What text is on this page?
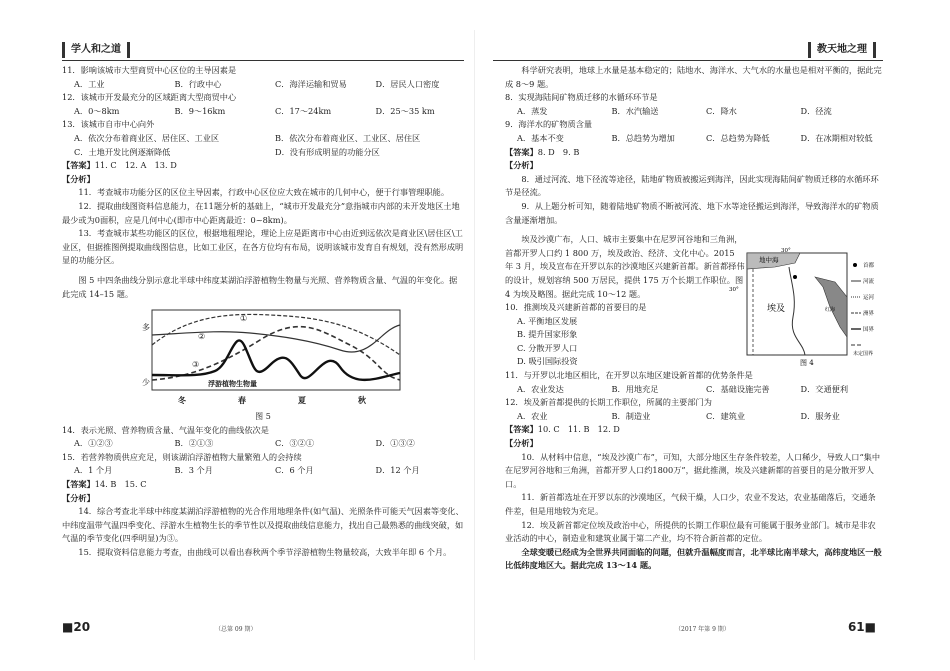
学人和之道

11．影响该城市大型商贸中心区位的主导因素是

A．工业	B．行政中心	C．海洋运输和贸易	D．居民人口密度

12．该城市开发最充分的区域距离大型商贸中心

A．0～8km	B．9～16km	C．17～24km	D．25～35 km

13．该城市自市中心向外

A．依次分布着商业区、居住区、工业区	B．依次分布着商业区、工业区、居住区
C．土地开发比例逐渐降低	D．没有形成明显的功能分区

【答案】11. C　12. A　13. D

【分析】

11．考查城市功能分区的区位主导因素，行政中心区位应大致在城市的几何中心，便于行事管理职能。

12．提取曲线图资料信息能力，在11题分析的基础上，“城市开发最充分”意指城市内部的未开发地区土地最少或为0面积，应是几何中心(即市中心距离最近：0~8km)。

13．考查城市某些功能区的区位，根据地租理论，理论上应是距离市中心由近到远依次是商业区\居住区\工业区，但据推图例提取曲线图信息，比如工业区，在各方位均有布局，说明该城市发育自有规划，没有然形成明显的功能分区。

图 5 中四条曲线分别示意北半球中纬度某湖泊浮游植物生物量与光照、营养物质含量、气温的年变化。据此完成 14–15 题。

多
少
①
②
③
浮游植物生物量
冬	春	夏	秋

图 5

14．表示光照、营养物质含量、气温年变化的曲线依次是

A．①②③	B．②①③	C．③②①	D．①③②

15．若营养物质供应充足，则该湖泊浮游植物大量繁殖人的会持续

A．1 个月	B．3 个月	C．6 个月	D．12 个月

【答案】14. B　15. C

【分析】

14．综合考查北半球中纬度某湖泊浮游植物的光合作用地理条件(如气温)、光照条件可能天气因素等变化、中纬度温带气温四季变化、浮游水生植物生长的季节性以及提取曲线信息能力，找出自己最熟悉的曲线突破，如气温的季节变化(四季明显)为③。

15．提取资料信息能力考查，由曲线可以看出春秋两个季节浮游植物生物量较高，大致半年即 6 个月。

■20	（总第 09 期）
教天地之理

科学研究表明，地球上水量是基本稳定的；陆地水、海洋水、大气水的水量也是相对平衡的，据此完成 8～9 题。

8．实现海陆间矿物质迁移的水循环环节是

A．蒸发	B．水汽输送	C．降水	D．径流

9．海洋水的矿物质含量

A．基本不变	B．总趋势为增加	C．总趋势为降低	D．在冰期相对较低

【答案】8. D　9. B

【分析】

8．通过河流、地下径流等途径，陆地矿物质被搬运到海洋，因此实现海陆间矿物质迁移的水循环环节是径流。

9．从上题分析可知，随着陆地矿物质不断被河流、地下水等途径搬运到海洋，导致海洋水的矿物质含量逐渐增加。

埃及沙漠广布，人口、城市主要集中在尼罗河谷地和三角洲，首都开罗人口约 1 800 万，埃及政治、经济、文化中心。2015 年 3 月，埃及宣布在开罗以东的沙漠地区兴建新首都。新首都择伟的设计，规划容纳 500 万居民，提供 175 万个长期工作职位。图 4 为埃及略图。据此完成 10～12 题。

10．推测埃及兴建新首都的首要目的是

A. 平衡地区发展
B. 提升国家形象
C. 分散开罗人口
D. 吸引国际投资
地中海
埃及	红海
30°
30°
首都
河流
运河
洲界
国界
未定国界
图 4

11．与开罗以北地区相比，在开罗以东地区建设新首都的优势条件是

A．农业发达	B．用地充足	C．基础设施完善	D．交通便利

12．埃及新首都提供的长期工作职位，所属的主要部门为

A．农业	B．制造业	C．建筑业	D．服务业

【答案】10. C　11. B　12. D

【分析】

10．从材料中信息，“埃及沙漠广布”，可知，大部分地区生存条件较差，人口稀少，导致人口“集中在尼罗河谷地和三角洲，首都开罗人口约1800万”，据此推测，埃及兴建新都的首要目的是分散开罗人口。

11．新首都选址在开罗以东的沙漠地区，气候干燥，人口少，农业不发达，农业基础落后，交通条件差，但是用地较为充足。

12．埃及新首都定位埃及政治中心，所提供的长期工作职位最有可能属于服务业部门。城市是非农业活动的中心，制造业和建筑业属于第二产业，均不符合新首都的定位。

全球变暖已经成为全世界共同面临的问题，但就升温幅度而言，北半球比南半球大，高纬度地区一般比低纬度地区大。据此完成 13～14 题。

61■
（2017 年第 9 期）
